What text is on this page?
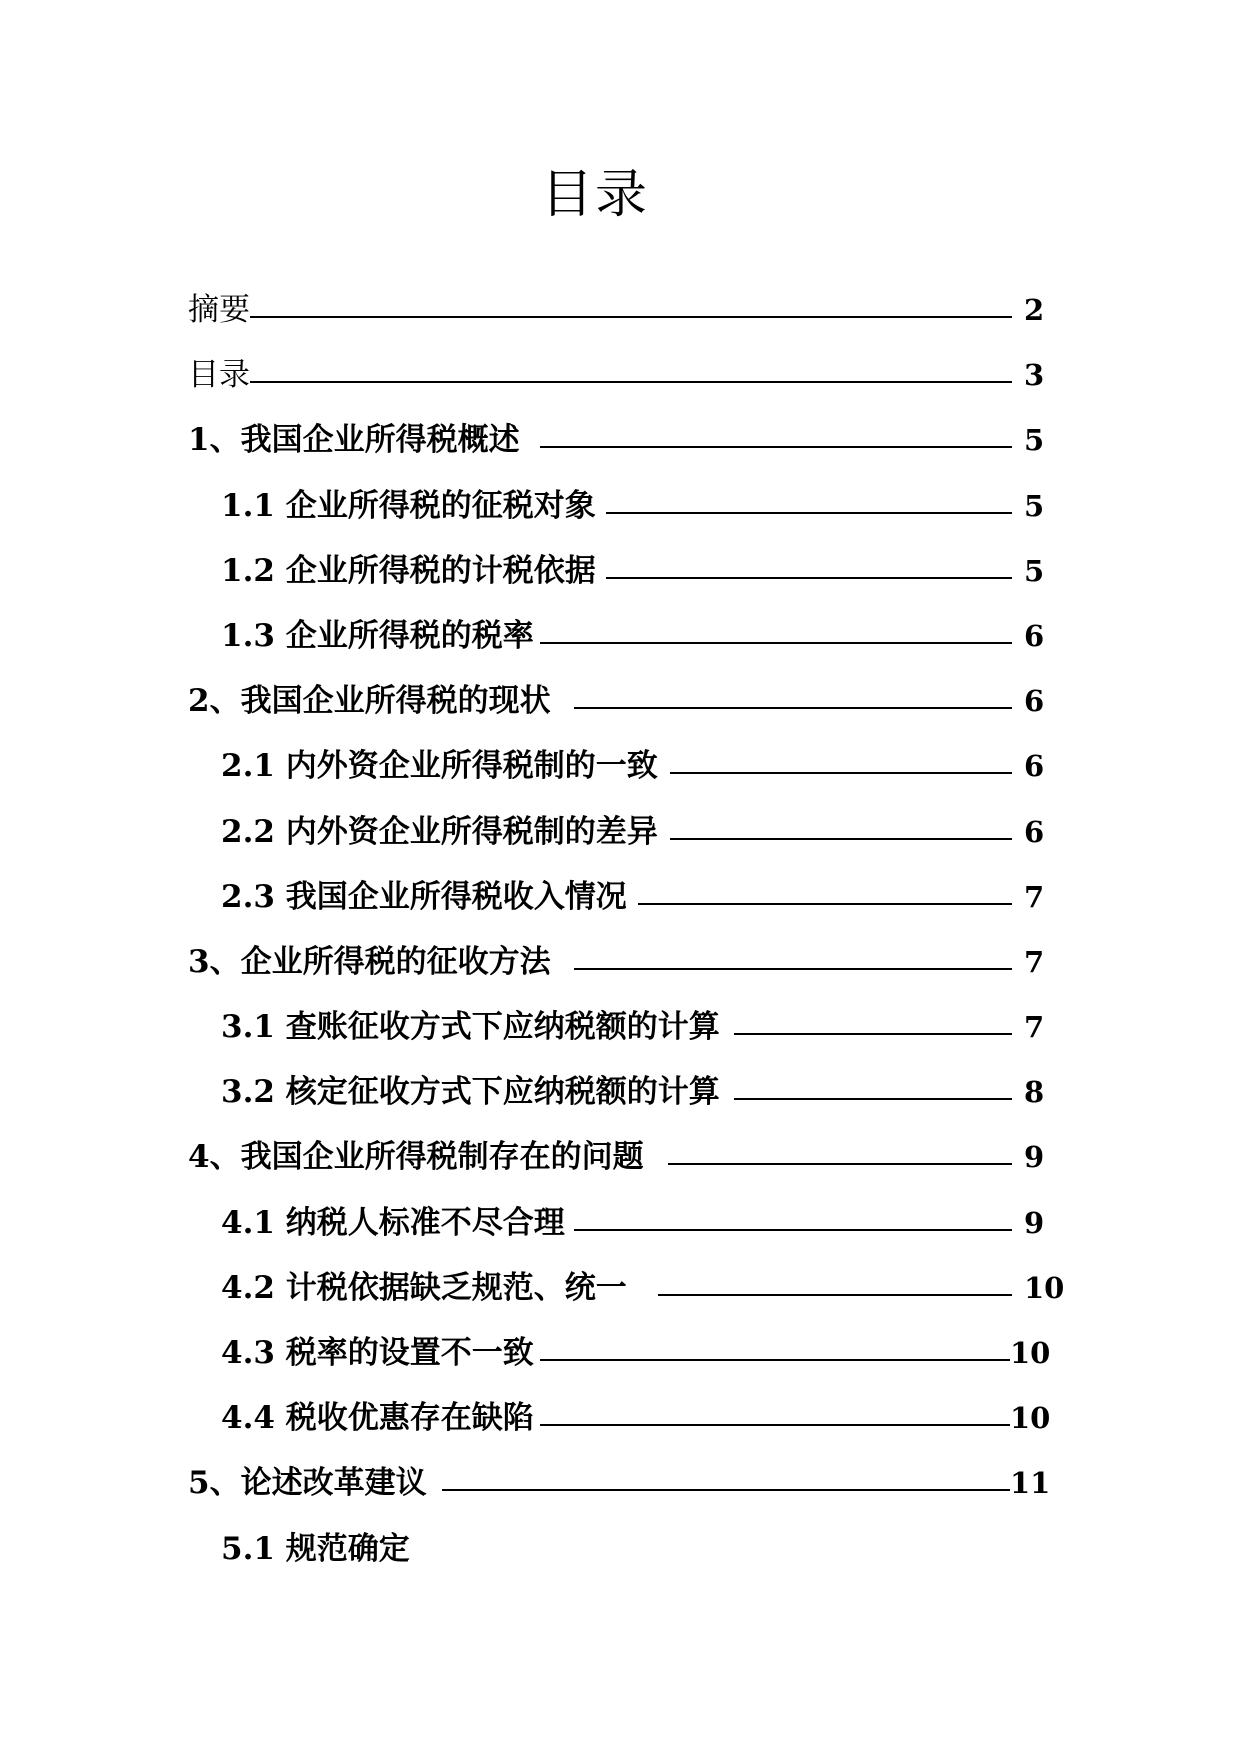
目录
摘要	2
目录	3
1、我国企业所得税概述	5
1.1 企业所得税的征税对象	5
1.2 企业所得税的计税依据	5
1.3 企业所得税的税率	6
2、我国企业所得税的现状	6
2.1 内外资企业所得税制的一致	6
2.2 内外资企业所得税制的差异	6
2.3 我国企业所得税收入情况	7
3、企业所得税的征收方法	7
3.1 查账征收方式下应纳税额的计算	7
3.2 核定征收方式下应纳税额的计算	8
4、我国企业所得税制存在的问题	9
4.1 纳税人标准不尽合理	9
4.2 计税依据缺乏规范、统一	10
4.3 税率的设置不一致	10
4.4 税收优惠存在缺陷	10
5、论述改革建议	11
5.1 规范确定
